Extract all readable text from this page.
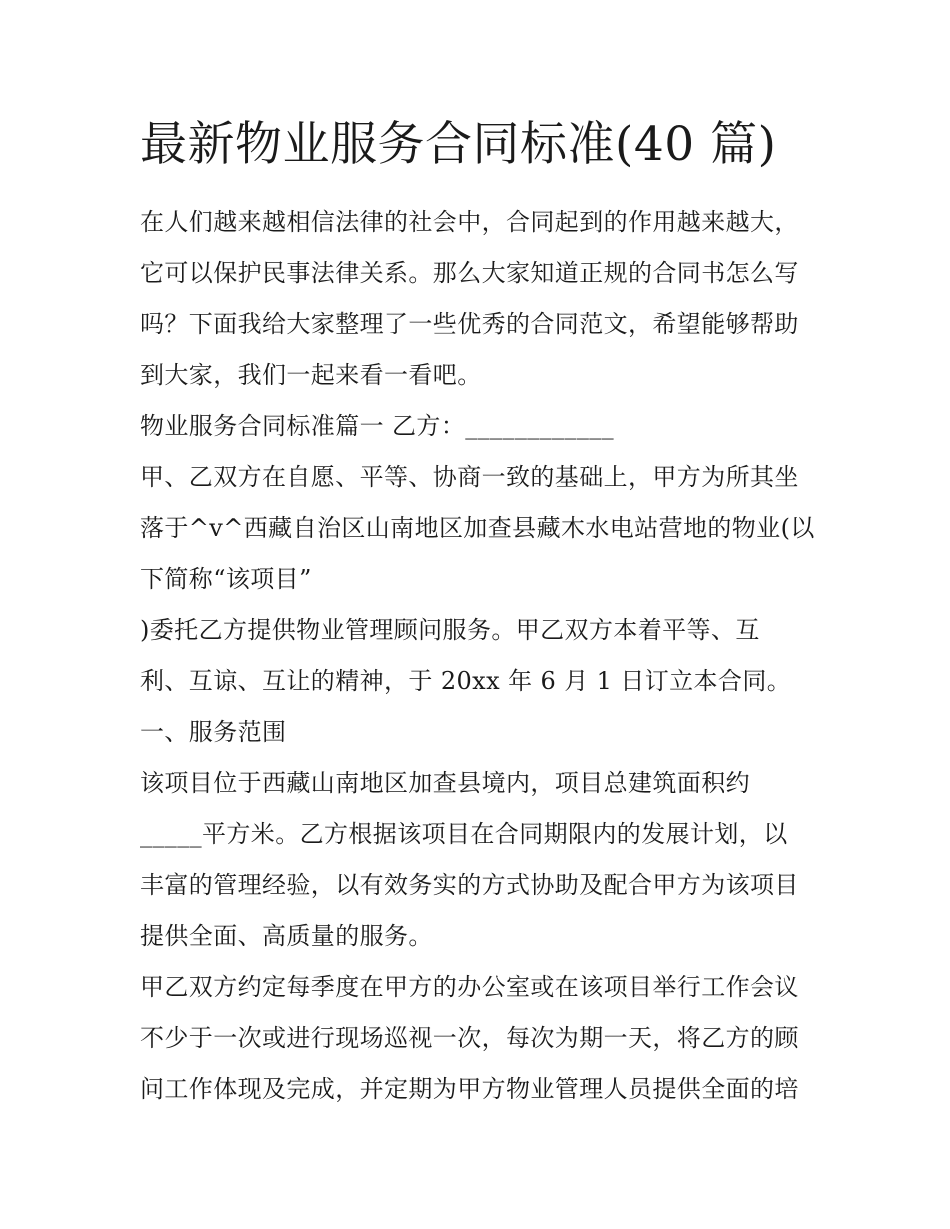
最新物业服务合同标准(40 篇)

在人们越来越相信法律的社会中，合同起到的作用越来越大，

它可以保护民事法律关系。那么大家知道正规的合同书怎么写

吗？下面我给大家整理了一些优秀的合同范文，希望能够帮助

到大家，我们一起来看一看吧。

物业服务合同标准篇一 乙方：____________

甲、乙双方在自愿、平等、协商一致的基础上，甲方为所其坐

落于^v^西藏自治区山南地区加查县藏木水电站营地的物业(以

下简称“该项目”

)委托乙方提供物业管理顾问服务。甲乙双方本着平等、互

利、互谅、互让的精神，于 20xx 年 6 月 1 日订立本合同。

一、服务范围

该项目位于西藏山南地区加查县境内，项目总建筑面积约

_____平方米。乙方根据该项目在合同期限内的发展计划，以

丰富的管理经验，以有效务实的方式协助及配合甲方为该项目

提供全面、高质量的服务。

甲乙双方约定每季度在甲方的办公室或在该项目举行工作会议

不少于一次或进行现场巡视一次，每次为期一天，将乙方的顾

问工作体现及完成，并定期为甲方物业管理人员提供全面的培
